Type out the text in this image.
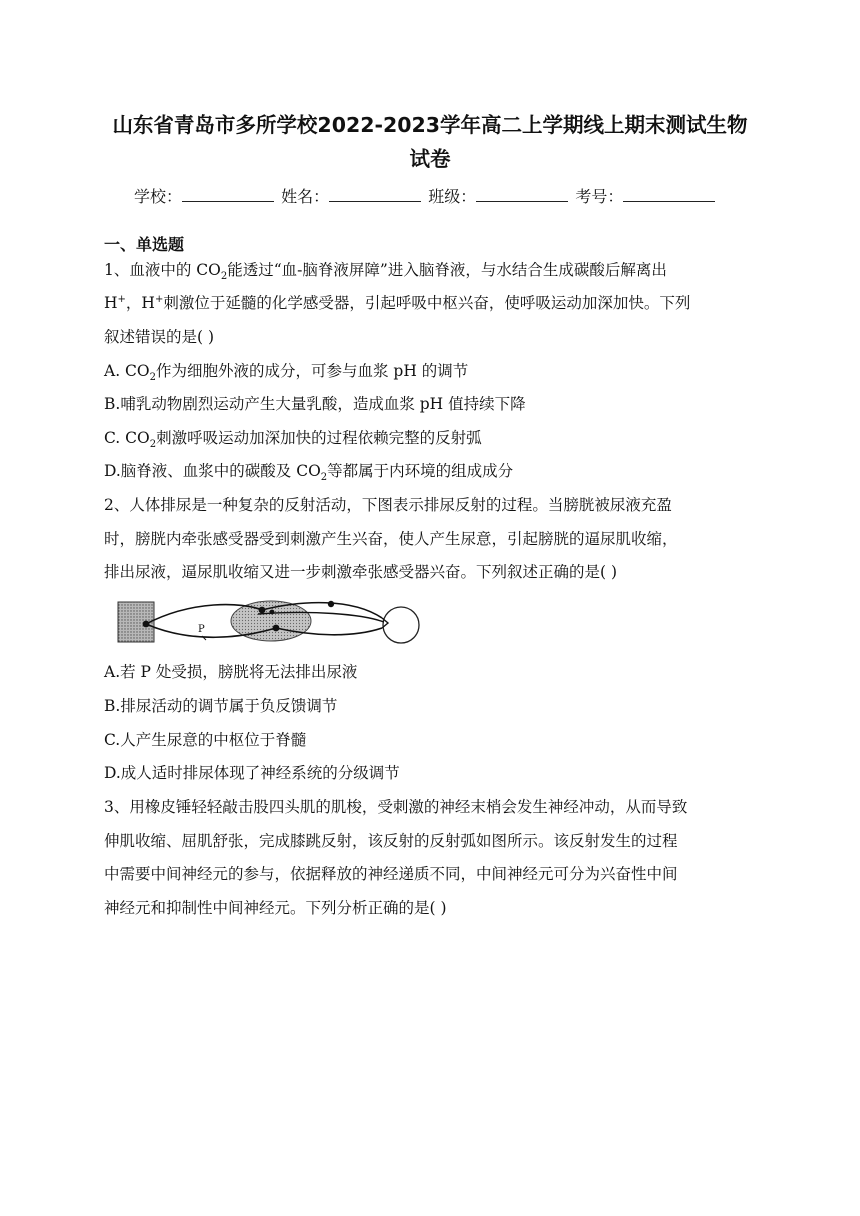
山东省青岛市多所学校2022-2023学年高二上学期线上期末测试生物
试卷
学校：	姓名：	班级：	考号：
一、单选题
1、血液中的 $CO_2$能透过“血-脑脊液屏障”进入脑脊液，与水结合生成碳酸后解离出
H+，H+刺激位于延髓的化学感受器，引起呼吸中枢兴奋，使呼吸运动加深加快。下列
叙述错误的是( )
A. $CO_2$作为细胞外液的成分，可参与血浆 pH 的调节
B.哺乳动物剧烈运动产生大量乳酸，造成血浆 pH 值持续下降
C. $CO_2$刺激呼吸运动加深加快的过程依赖完整的反射弧
D.脑脊液、血浆中的碳酸及 $CO_2$等都属于内环境的组成成分
2、人体排尿是一种复杂的反射活动，下图表示排尿反射的过程。当膀胱被尿液充盈
时，膀胱内牵张感受器受到刺激产生兴奋，使人产生尿意，引起膀胱的逼尿肌收缩，
排出尿液，逼尿肌收缩又进一步刺激牵张感受器兴奋。下列叙述正确的是( )
P
A.若 P 处受损，膀胱将无法排出尿液
B.排尿活动的调节属于负反馈调节
C.人产生尿意的中枢位于脊髓
D.成人适时排尿体现了神经系统的分级调节
3、用橡皮锤轻轻敲击股四头肌的肌梭，受刺激的神经末梢会发生神经冲动，从而导致
伸肌收缩、屈肌舒张，完成膝跳反射，该反射的反射弧如图所示。该反射发生的过程
中需要中间神经元的参与，依据释放的神经递质不同，中间神经元可分为兴奋性中间
神经元和抑制性中间神经元。下列分析正确的是( )
